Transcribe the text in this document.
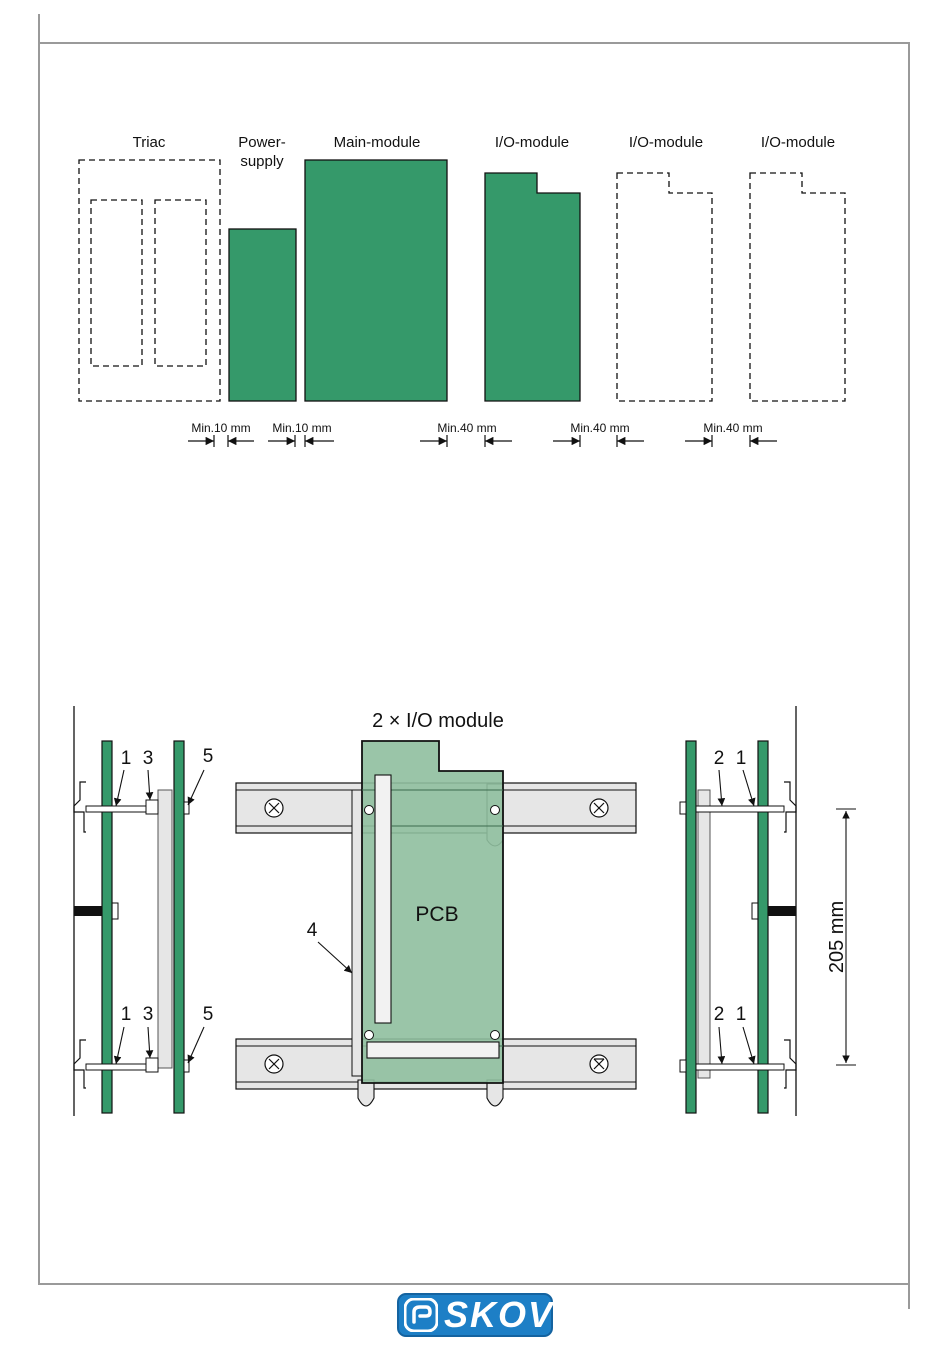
Triac	Power-supply
Main-module	I/O-module	I/O-module	I/O-module
Min.10 mm Min.10 mm	Min.40 mm	Min.40 mm	Min.40 mm
2 × I/O module
1 3	5
1 3	5
PCB
4
2 1
2 1
205 mm
SKOV
